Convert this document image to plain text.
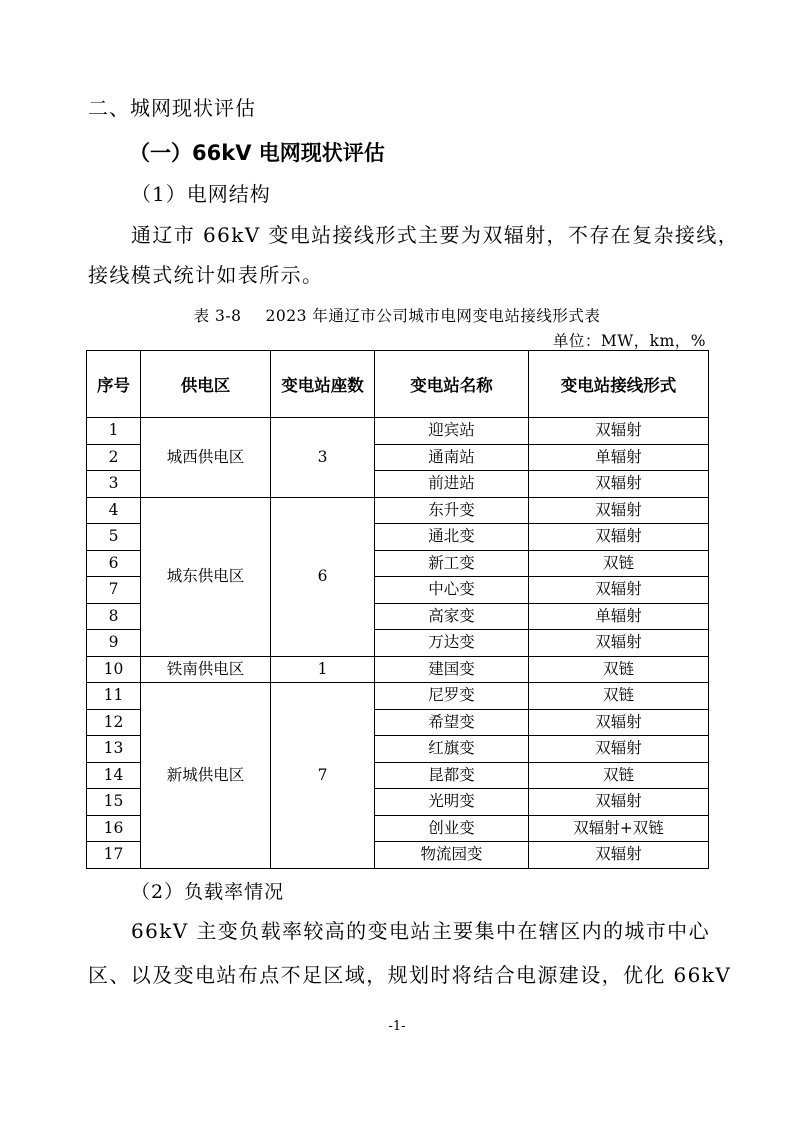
二、城网现状评估
（一）66kV 电网现状评估
（1）电网结构
通辽市 66kV 变电站接线形式主要为双辐射，不存在复杂接线，
接线模式统计如表所示。
表 3-8 2023 年通辽市公司城市电网变电站接线形式表
单位：MW，km，%
序号	供电区	变电站座数	变电站名称	变电站接线形式
1	城西供电区	3	迎宾站	双辐射
2			通南站	单辐射
3			前进站	双辐射
4	城东供电区	6	东升变	双辐射
5			通北变	双辐射
6			新工变	双链
7			中心变	双辐射
8			高家变	单辐射
9			万达变	双辐射
10	铁南供电区	1	建国变	双链
11	新城供电区	7	尼罗变	双链
12			希望变	双辐射
13			红旗变	双辐射
14			昆都变	双链
15			光明变	双辐射
16			创业变	双辐射+双链
17			物流园变	双辐射
（2）负载率情况
66kV 主变负载率较高的变电站主要集中在辖区内的城市中心
区、以及变电站布点不足区域，规划时将结合电源建设，优化 66kV
-1-
